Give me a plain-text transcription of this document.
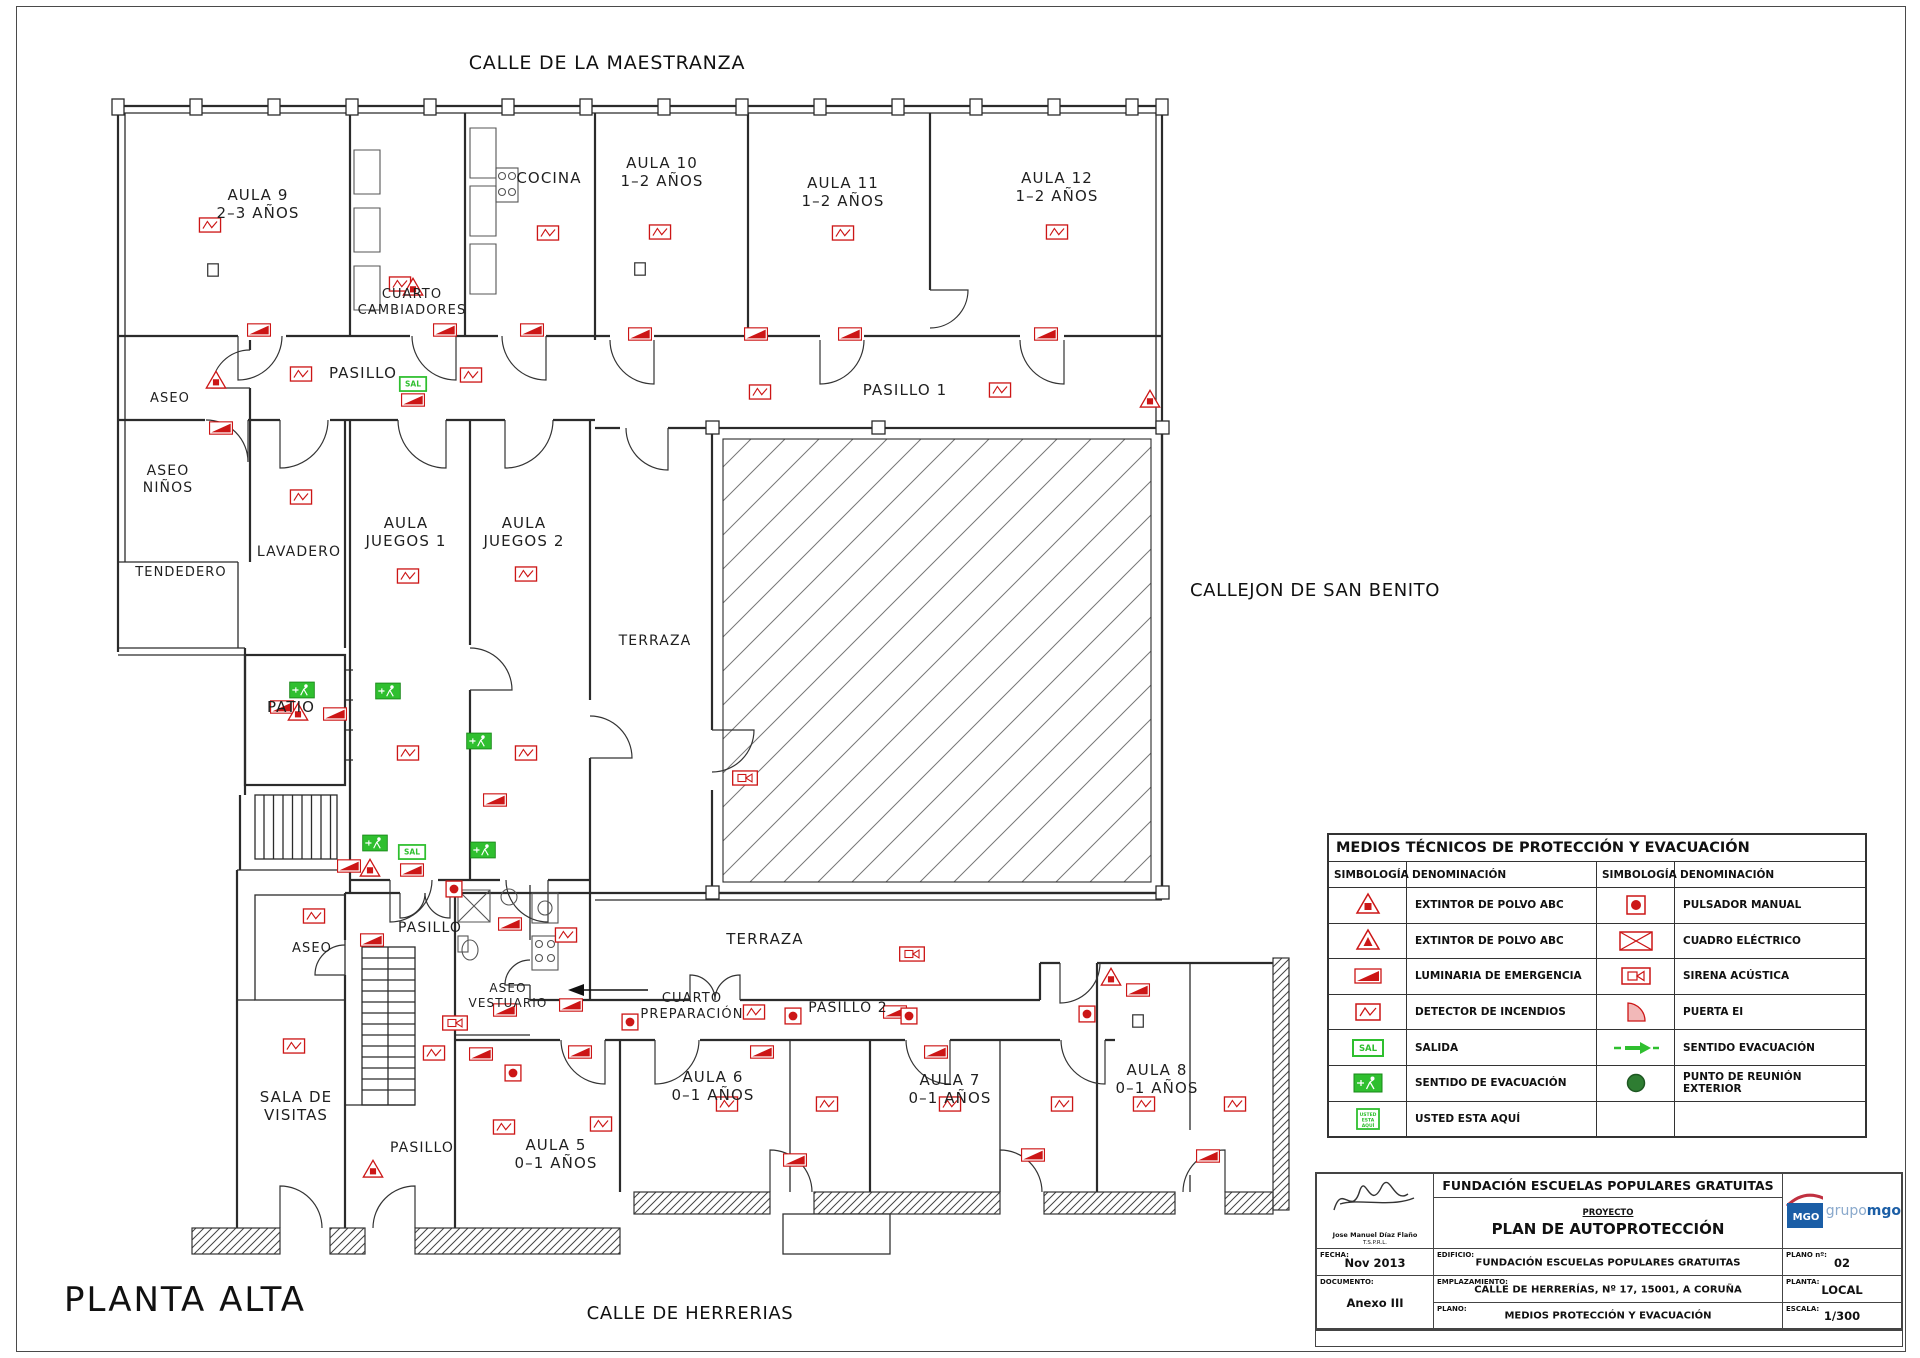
SAL
SAL
AULA 9 2–3 AÑOS
CUARTO CAMBIADORES
COCINA
AULA 10 1–2 AÑOS	AULA 11 1–2 AÑOS
AULA 12 1–2 AÑOS
PASILLO
ASEO	PASILLO 1
ASEO NIÑOS
TENDEDERO
LAVADERO
PATIO
AULA JUEGOS 1
AULA JUEGOS 2
TERRAZA
TERRAZA
ASEO
PASILLO
ASEO VESTUARIO	CUARTO PREPARACIÓN	PASILLO 2
SALA DE VISITAS
PASILLO	AULA 5 0–1 AÑOS
AULA 6 0–1 AÑOS
AULA 7 0–1 AÑOS
AULA 8 0–1 AÑOS
CALLE DE LA MAESTRANZA
CALLEJON DE SAN BENITO
CALLE DE HERRERIAS
PLANTA ALTA
MEDIOS TÉCNICOS DE PROTECCIÓN Y EVACUACIÓN
SIMBOLOGÍA DENOMINACIÓN	SIMBOLOGÍA DENOMINACIÓN
EXTINTOR DE POLVO ABC	PULSADOR MANUAL
EXTINTOR DE POLVO ABC	CUADRO ELÉCTRICO
LUMINARIA DE EMERGENCIA	SIRENA ACÚSTICA
DETECTOR DE INCENDIOS	PUERTA EI
SAL	SALIDA	SENTIDO EVACUACIÓN
SENTIDO DE EVACUACIÓN	PUNTO DE REUNIÓN EXTERIOR
USTED
ESTA
AQUÍ
USTED ESTA AQUÍ
Jose Manuel Díaz Flaño
T.S.P.R.L.
FUNDACIÓN ESCUELAS POPULARES GRATUITAS
PROYECTO
PLAN DE AUTOPROTECCIÓN
MGO grupomgo
FECHA:
Nov 2013
EDIFICIO:
FUNDACIÓN ESCUELAS POPULARES GRATUITAS
PLANO nº:
02
DOCUMENTO:
Anexo III
EMPLAZAMIENTO:
CALLE DE HERRERÍAS, Nº 17, 15001, A CORUÑA
PLANTA:
LOCAL
PLANO:
MEDIOS PROTECCIÓN Y EVACUACIÓN
ESCALA:
1/300
